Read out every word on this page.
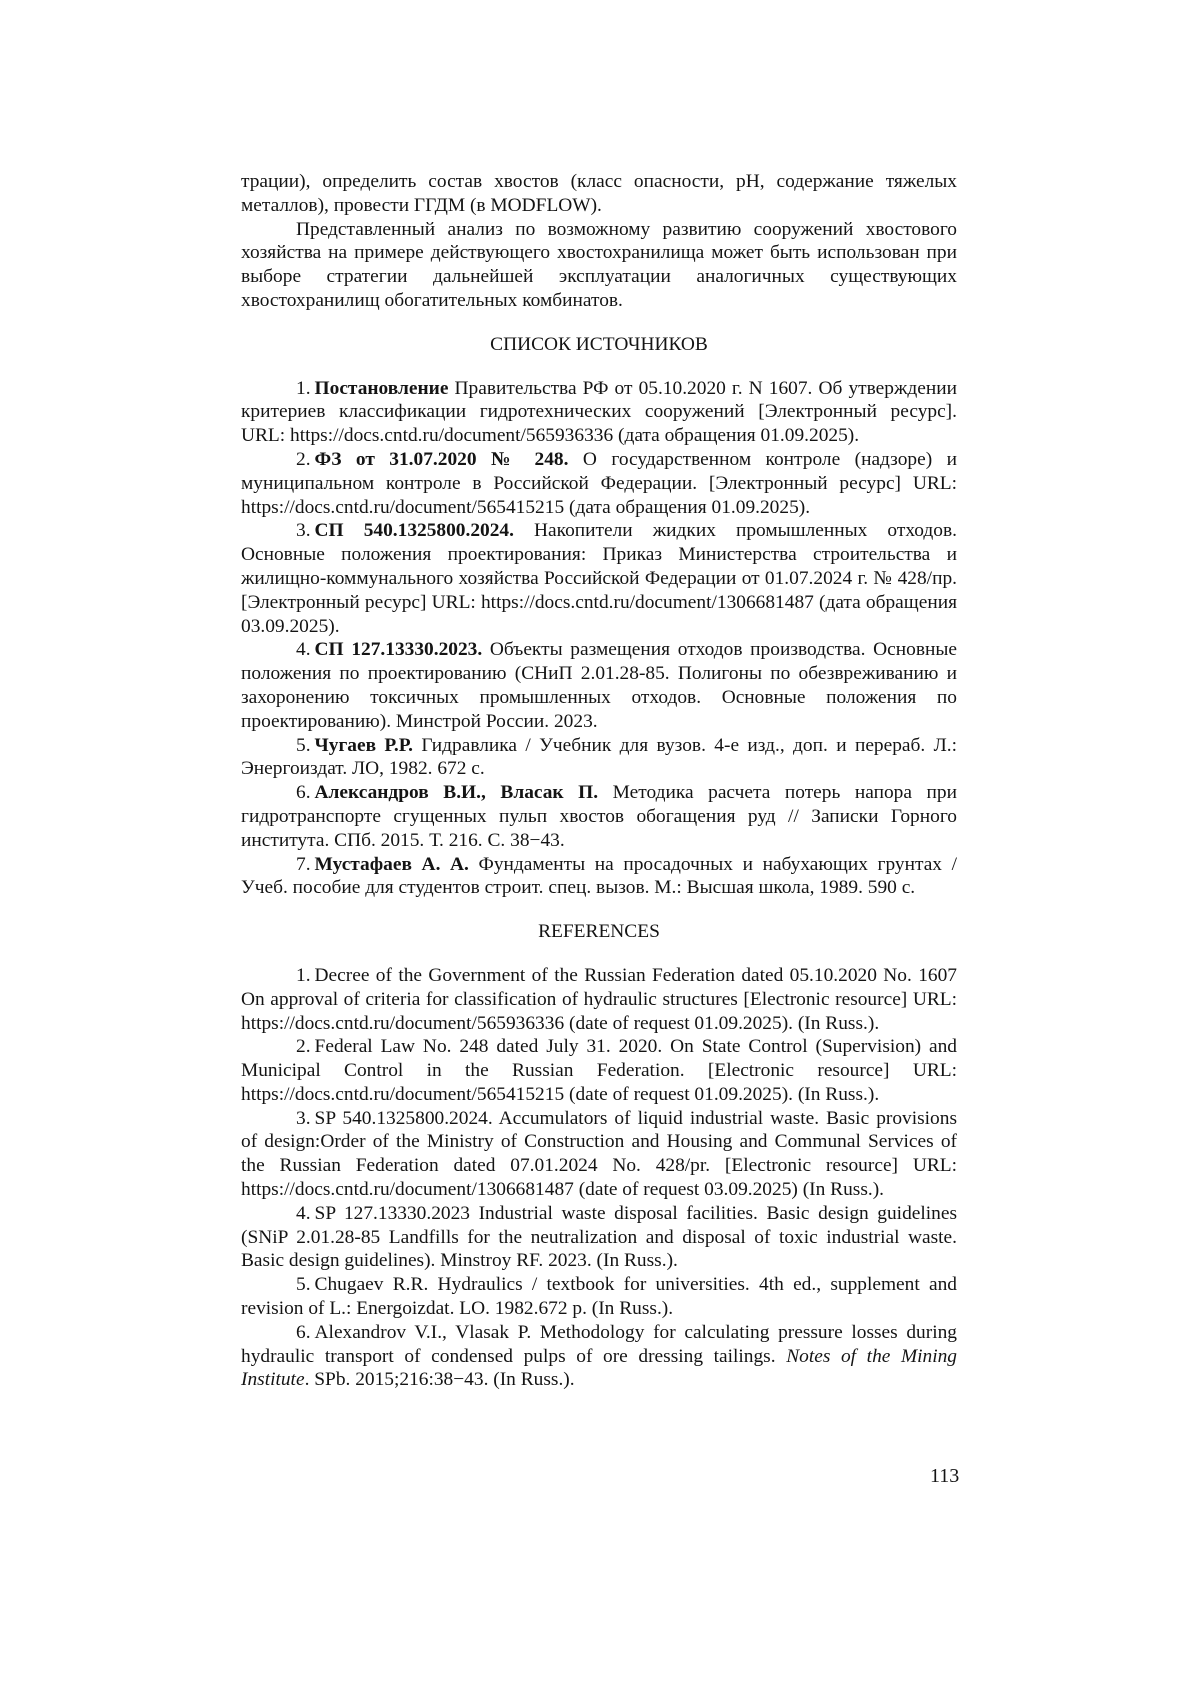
трации), определить состав хвостов (класс опасности, pH, содержание тяжелых металлов), провести ГГДМ (в MODFLOW).

Представленный анализ по возможному развитию сооружений хвостового хозяйства на примере действующего хвостохранилища может быть использован при выборе стратегии дальнейшей эксплуатации аналогичных существующих хвостохранилищ обогатительных комбинатов.

СПИСОК ИСТОЧНИКОВ

1. Постановление Правительства РФ от 05.10.2020 г. N 1607. Об утверждении критериев классификации гидротехнических сооружений [Электронный ресурс]. URL: https://docs.cntd.ru/document/565936336 (дата обращения 01.09.2025).

2. ФЗ от 31.07.2020 № 248. О государственном контроле (надзоре) и муниципальном контроле в Российской Федерации. [Электронный ресурс] URL: https://docs.cntd.ru/document/565415215 (дата обращения 01.09.2025).

3. СП 540.1325800.2024. Накопители жидких промышленных отходов. Основные положения проектирования: Приказ Министерства строительства и жилищно-коммунального хозяйства Российской Федерации от 01.07.2024 г. № 428/пр. [Электронный ресурс] URL: https://docs.cntd.ru/document/1306681487 (дата обращения 03.09.2025).

4. СП 127.13330.2023. Объекты размещения отходов производства. Основные положения по проектированию (СНиП 2.01.28-85. Полигоны по обезвреживанию и захоронению токсичных промышленных отходов. Основные положения по проектированию). Минстрой России. 2023.

5. Чугаев Р.Р. Гидравлика / Учебник для вузов. 4-е изд., доп. и перераб. Л.: Энергоиздат. ЛО, 1982. 672 с.

6. Александров В.И., Власак П. Методика расчета потерь напора при гидротранспорте сгущенных пульп хвостов обогащения руд // Записки Горного института. СПб. 2015. Т. 216. С. 38−43.

7. Мустафаев А. А. Фундаменты на просадочных и набухающих грунтах / Учеб. пособие для студентов строит. спец. вызов. М.: Высшая школа, 1989. 590 с.

REFERENCES

1. Decree of the Government of the Russian Federation dated 05.10.2020 No. 1607 On approval of criteria for classification of hydraulic structures [Electronic resource] URL: https://docs.cntd.ru/document/565936336 (date of request 01.09.2025). (In Russ.).

2. Federal Law No. 248 dated July 31. 2020. On State Control (Supervision) and Municipal Control in the Russian Federation. [Electronic resource] URL: https://docs.cntd.ru/document/565415215 (date of request 01.09.2025). (In Russ.).

3. SP 540.1325800.2024. Accumulators of liquid industrial waste. Basic provisions of design:Order of the Ministry of Construction and Housing and Communal Services of the Russian Federation dated 07.01.2024 No. 428/pr. [Electronic resource] URL: https://docs.cntd.ru/document/1306681487 (date of request 03.09.2025) (In Russ.).

4. SP 127.13330.2023 Industrial waste disposal facilities. Basic design guidelines (SNiP 2.01.28-85 Landfills for the neutralization and disposal of toxic industrial waste. Basic design guidelines). Minstroy RF. 2023. (In Russ.).

5. Chugaev R.R. Hydraulics / textbook for universities. 4th ed., supplement and revision of L.: Energoizdat. LO. 1982.672 p. (In Russ.).

6. Alexandrov V.I., Vlasak P. Methodology for calculating pressure losses during hydraulic transport of condensed pulps of ore dressing tailings. Notes of the Mining Institute. SPb. 2015;216:38−43. (In Russ.).

113
